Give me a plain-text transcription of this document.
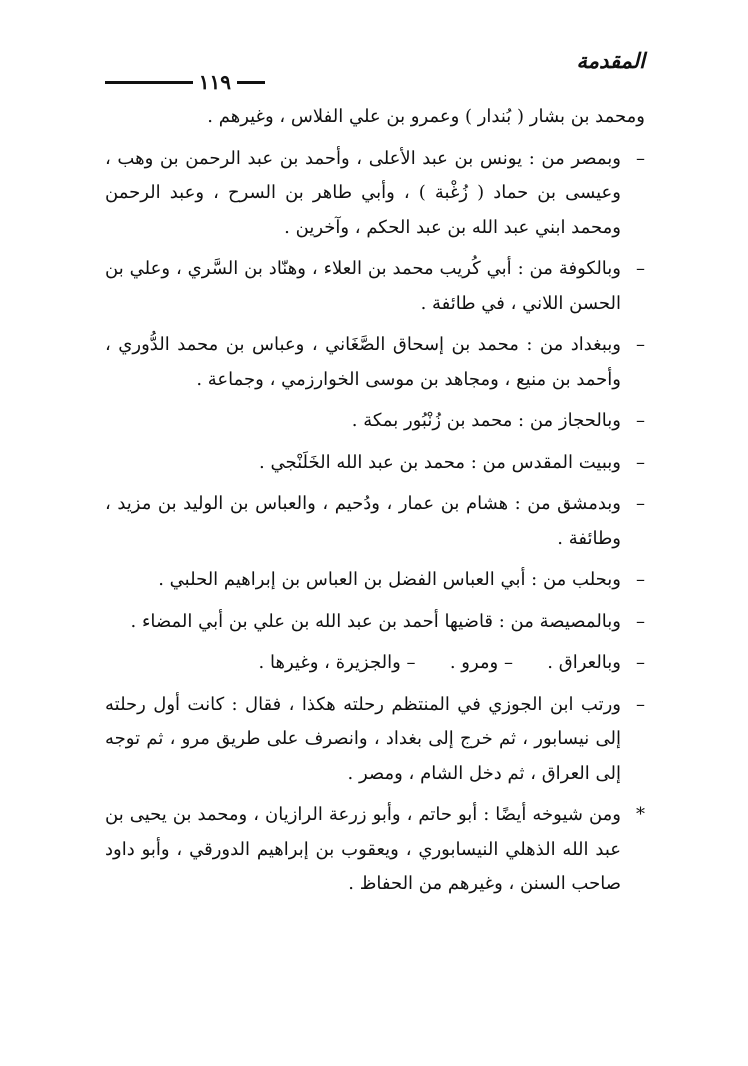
المقدمة
١١٩

ومحمد بن بشار ( بُندار ) وعمرو بن علي الفلاس ، وغيرهم .

–وبمصر من : يونس بن عبد الأعلى ، وأحمد بن عبد الرحمن بن وهب ، وعيسى بن حماد ( زُغْبة ) ، وأبي طاهر بن السرح ، وعبد الرحمن ومحمد ابني عبد الله بن عبد الحكم ، وآخرين .

–وبالكوفة من : أبي كُريب محمد بن العلاء ، وهنّاد بن السَّري ، وعلي بن الحسن اللاني ، في طائفة .

–وببغداد من : محمد بن إسحاق الصَّغَاني ، وعباس بن محمد الدُّوري ، وأحمد بن منيع ، ومجاهد بن موسى الخوارزمي ، وجماعة .

–وبالحجاز من : محمد بن زُنْبُور بمكة .

–وببيت المقدس من : محمد بن عبد الله الخَلَنْجي .

–وبدمشق من : هشام بن عمار ، ودُحيم ، والعباس بن الوليد بن مزيد ، وطائفة .

–وبحلب من : أبي العباس الفضل بن العباس بن إبراهيم الحلبي .

–وبالمصيصة من : قاضيها أحمد بن عبد الله بن علي بن أبي المضاء .

–وبالعراق .      – ومرو .      – والجزيرة ، وغيرها .

–ورتب ابن الجوزي في المنتظم رحلته هكذا ، فقال : كانت أول رحلته إلى نيسابور ، ثم خرج إلى بغداد ، وانصرف على طريق مرو ، ثم توجه إلى العراق ، ثم دخل الشام ، ومصر .

*ومن شيوخه أيضًا : أبو حاتم ، وأبو زرعة الرازيان ، ومحمد بن يحيى بن عبد الله الذهلي النيسابوري ، ويعقوب بن إبراهيم الدورقي ، وأبو داود صاحب السنن ، وغيرهم من الحفاظ .
